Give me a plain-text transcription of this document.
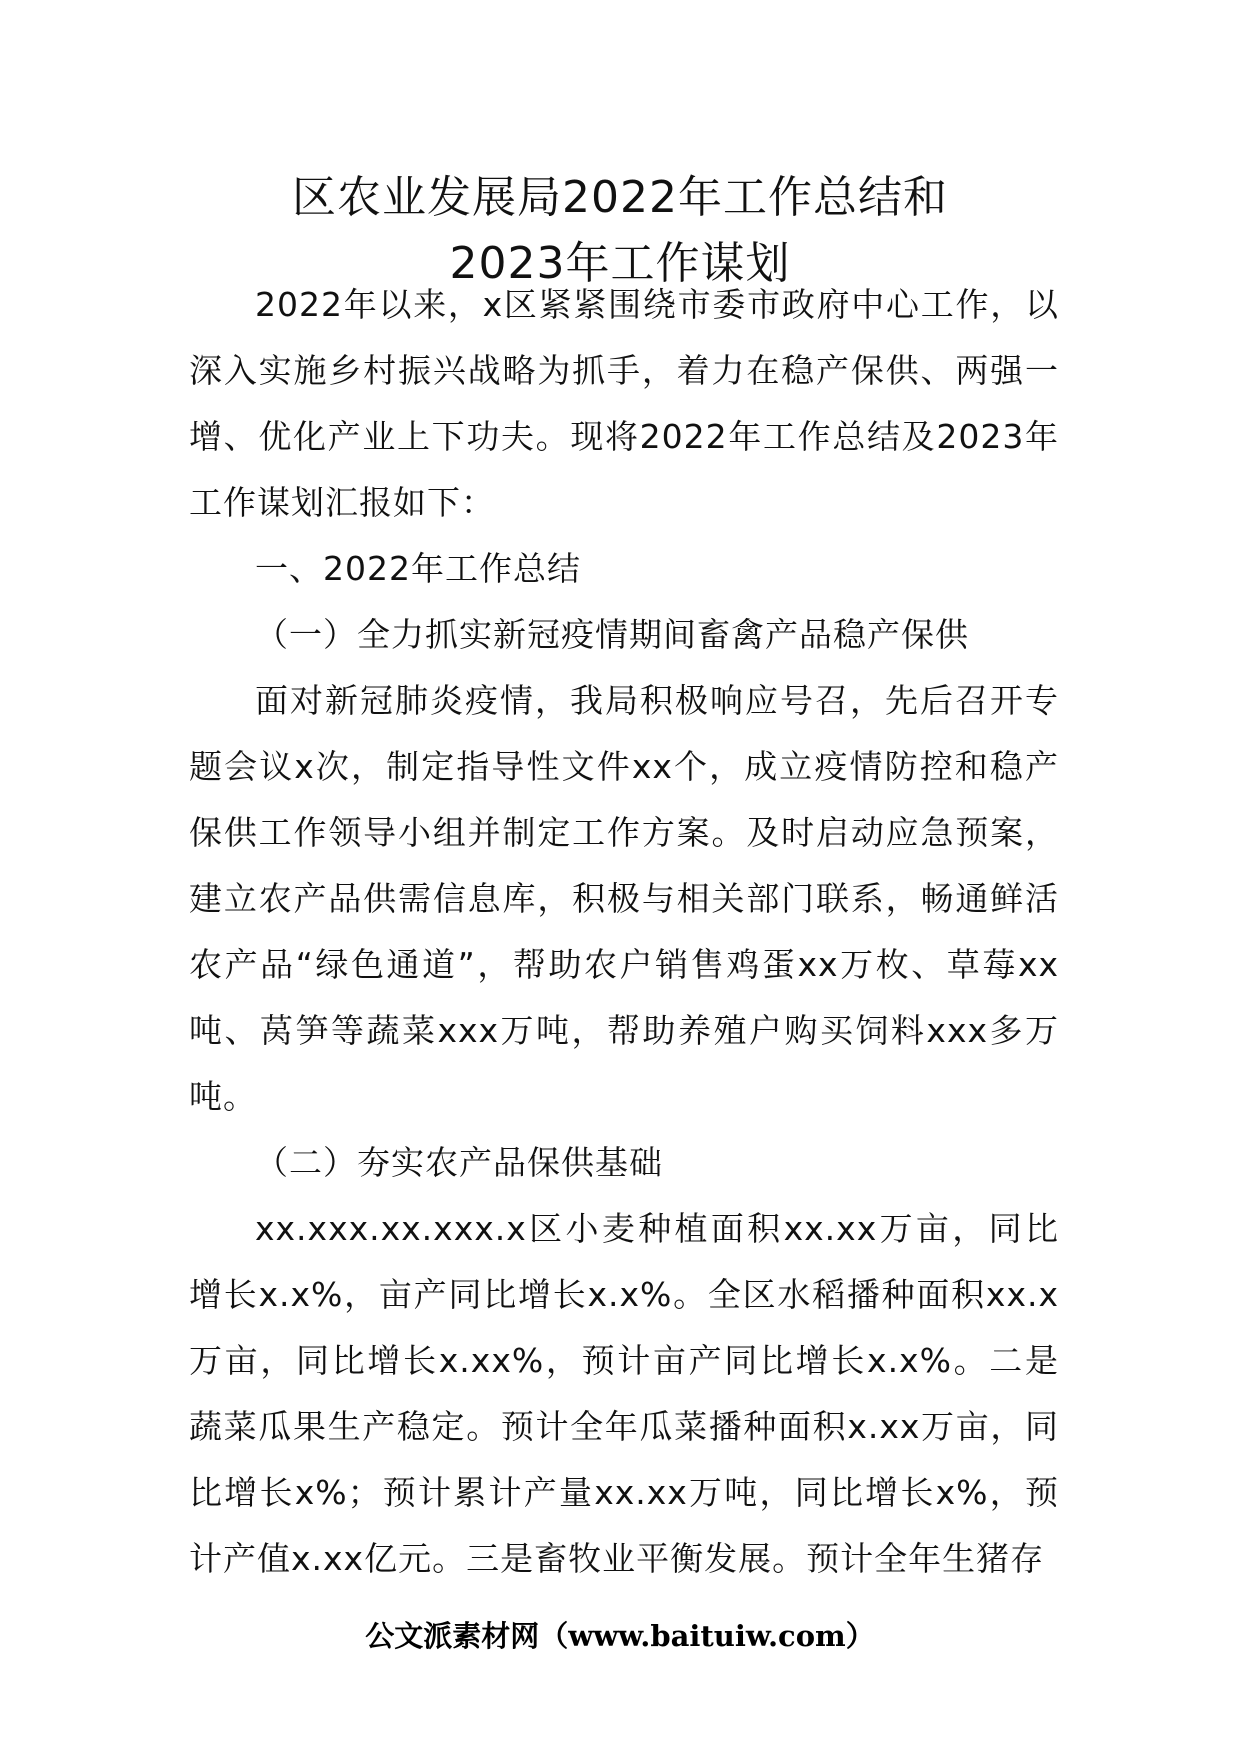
区农业发展局2022年工作总结和
2023年工作谋划

2022年以来，x区紧紧围绕市委市政府中心工作，以深入实施乡村振兴战略为抓手，着力在稳产保供、两强一增、优化产业上下功夫。现将2022年工作总结及2023年工作谋划汇报如下：

一、2022年工作总结

（一）全力抓实新冠疫情期间畜禽产品稳产保供

面对新冠肺炎疫情，我局积极响应号召，先后召开专题会议x次，制定指导性文件xx个，成立疫情防控和稳产保供工作领导小组并制定工作方案。及时启动应急预案，建立农产品供需信息库，积极与相关部门联系，畅通鲜活农产品“绿色通道”，帮助农户销售鸡蛋xx万枚、草莓xx吨、莴笋等蔬菜xxx万吨，帮助养殖户购买饲料xxx多万吨。

（二）夯实农产品保供基础

xx.xxx.xx.xxx.x区小麦种植面积xx.xx万亩，同比增长x.x%，亩产同比增长x.x%。全区水稻播种面积xx.x万亩，同比增长x.xx%，预计亩产同比增长x.x%。二是蔬菜瓜果生产稳定。预计全年瓜菜播种面积x.xx万亩，同比增长x%；预计累计产量xx.xx万吨，同比增长x%，预计产值x.xx亿元。三是畜牧业平衡发展。预计全年生猪存

公文派素材网（www.baituiw.com）
